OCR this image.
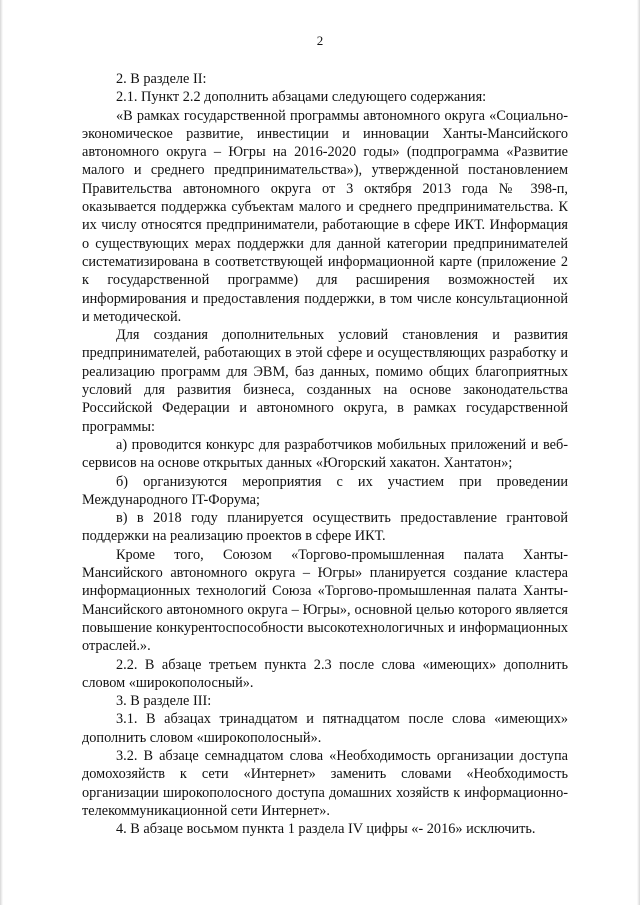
2

2. В разделе II:

2.1. Пункт 2.2 дополнить абзацами следующего содержания:

«В рамках государственной программы автономного округа «Социально-экономическое развитие, инвестиции и инновации Ханты-Мансийского автономного округа – Югры на 2016-2020 годы» (подпрограмма «Развитие малого и среднего предпринимательства»), утвержденной постановлением Правительства автономного округа от 3 октября 2013 года № 398-п, оказывается поддержка субъектам малого и среднего предпринимательства. К их числу относятся предприниматели, работающие в сфере ИКТ. Информация о существующих мерах поддержки для данной категории предпринимателей систематизирована в соответствующей информационной карте (приложение 2 к государственной программе) для расширения возможностей их информирования и предоставления поддержки, в том числе консультационной и методической.

Для создания дополнительных условий становления и развития предпринимателей, работающих в этой сфере и осуществляющих разработку и реализацию программ для ЭВМ, баз данных, помимо общих благоприятных условий для развития бизнеса, созданных на основе законодательства Российской Федерации и автономного округа, в рамках государственной программы:

а) проводится конкурс для разработчиков мобильных приложений и веб-сервисов на основе открытых данных «Югорский хакатон. Хантатон»;

б) организуются мероприятия с их участием при проведении Международного IT-Форума;

в) в 2018 году планируется осуществить предоставление грантовой поддержки на реализацию проектов в сфере ИКТ.

Кроме того, Союзом «Торгово-промышленная палата Ханты-Мансийского автономного округа – Югры» планируется создание кластера информационных технологий Союза «Торгово-промышленная палата Ханты-Мансийского автономного округа – Югры», основной целью которого является повышение конкурентоспособности высокотехнологичных и информационных отраслей.».

2.2. В абзаце третьем пункта 2.3 после слова «имеющих» дополнить словом «широкополосный».

3. В разделе III:

3.1. В абзацах тринадцатом и пятнадцатом после слова «имеющих» дополнить словом «широкополосный».

3.2. В абзаце семнадцатом слова «Необходимость организации доступа домохозяйств к сети «Интернет» заменить словами «Необходимость организации широкополосного доступа домашних хозяйств к информационно-телекоммуникационной сети Интернет».

4. В абзаце восьмом пункта 1 раздела IV цифры «- 2016» исключить.
